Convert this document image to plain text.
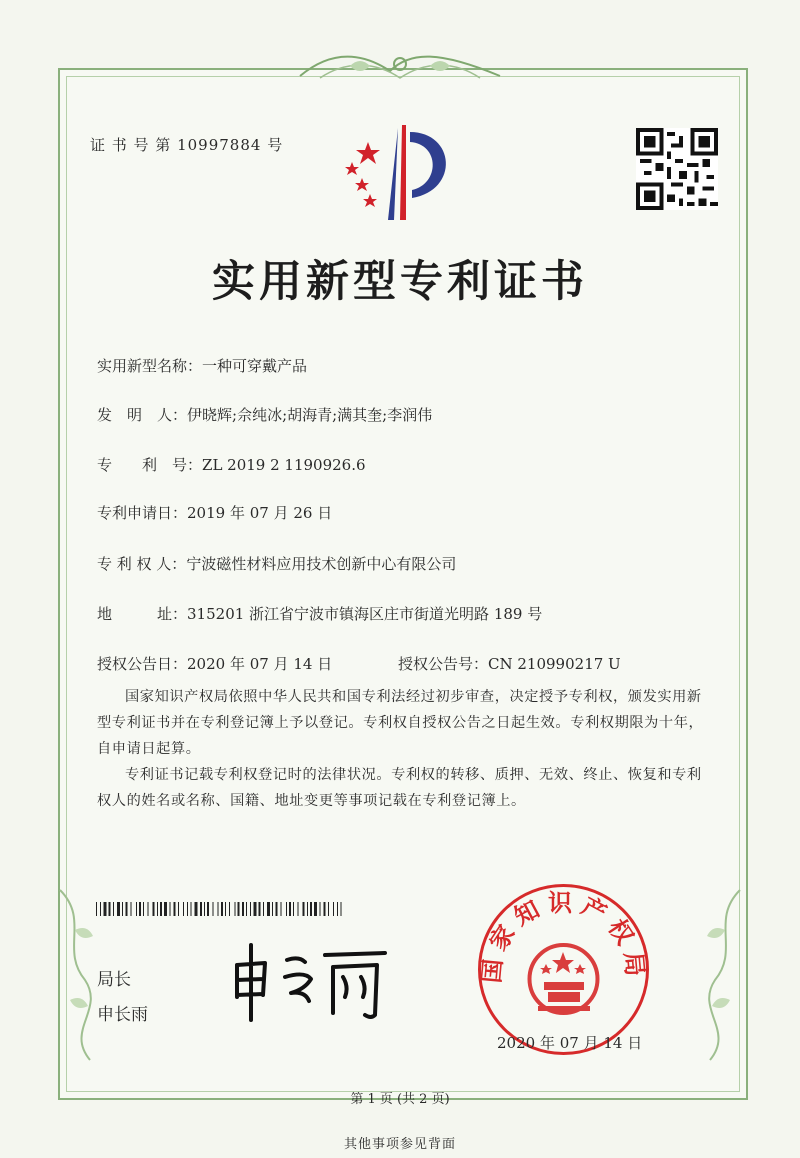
证 书 号 第 10997884 号
实用新型专利证书
实用新型名称：一种可穿戴产品
发　明　人：伊晓辉;佘纯冰;胡海青;满其奎;李润伟
专　　利　号：ZL 2019 2 1190926.6
专利申请日：2019 年 07 月 26 日
专 利 权 人：宁波磁性材料应用技术创新中心有限公司
地　　　址：315201 浙江省宁波市镇海区庄市街道光明路 189 号
授权公告日：2020 年 07 月 14 日	授权公告号：CN 210990217 U
国家知识产权局依照中华人民共和国专利法经过初步审查，决定授予专利权，颁发实用新型专利证书并在专利登记簿上予以登记。专利权自授权公告之日起生效。专利权期限为十年，自申请日起算。
专利证书记载专利权登记时的法律状况。专利权的转移、质押、无效、终止、恢复和专利权人的姓名或名称、国籍、地址变更等事项记载在专利登记簿上。
局长
申长雨
国家知识产权局
2020 年 07 月 14 日
第 1 页 (共 2 页)
其他事项参见背面
